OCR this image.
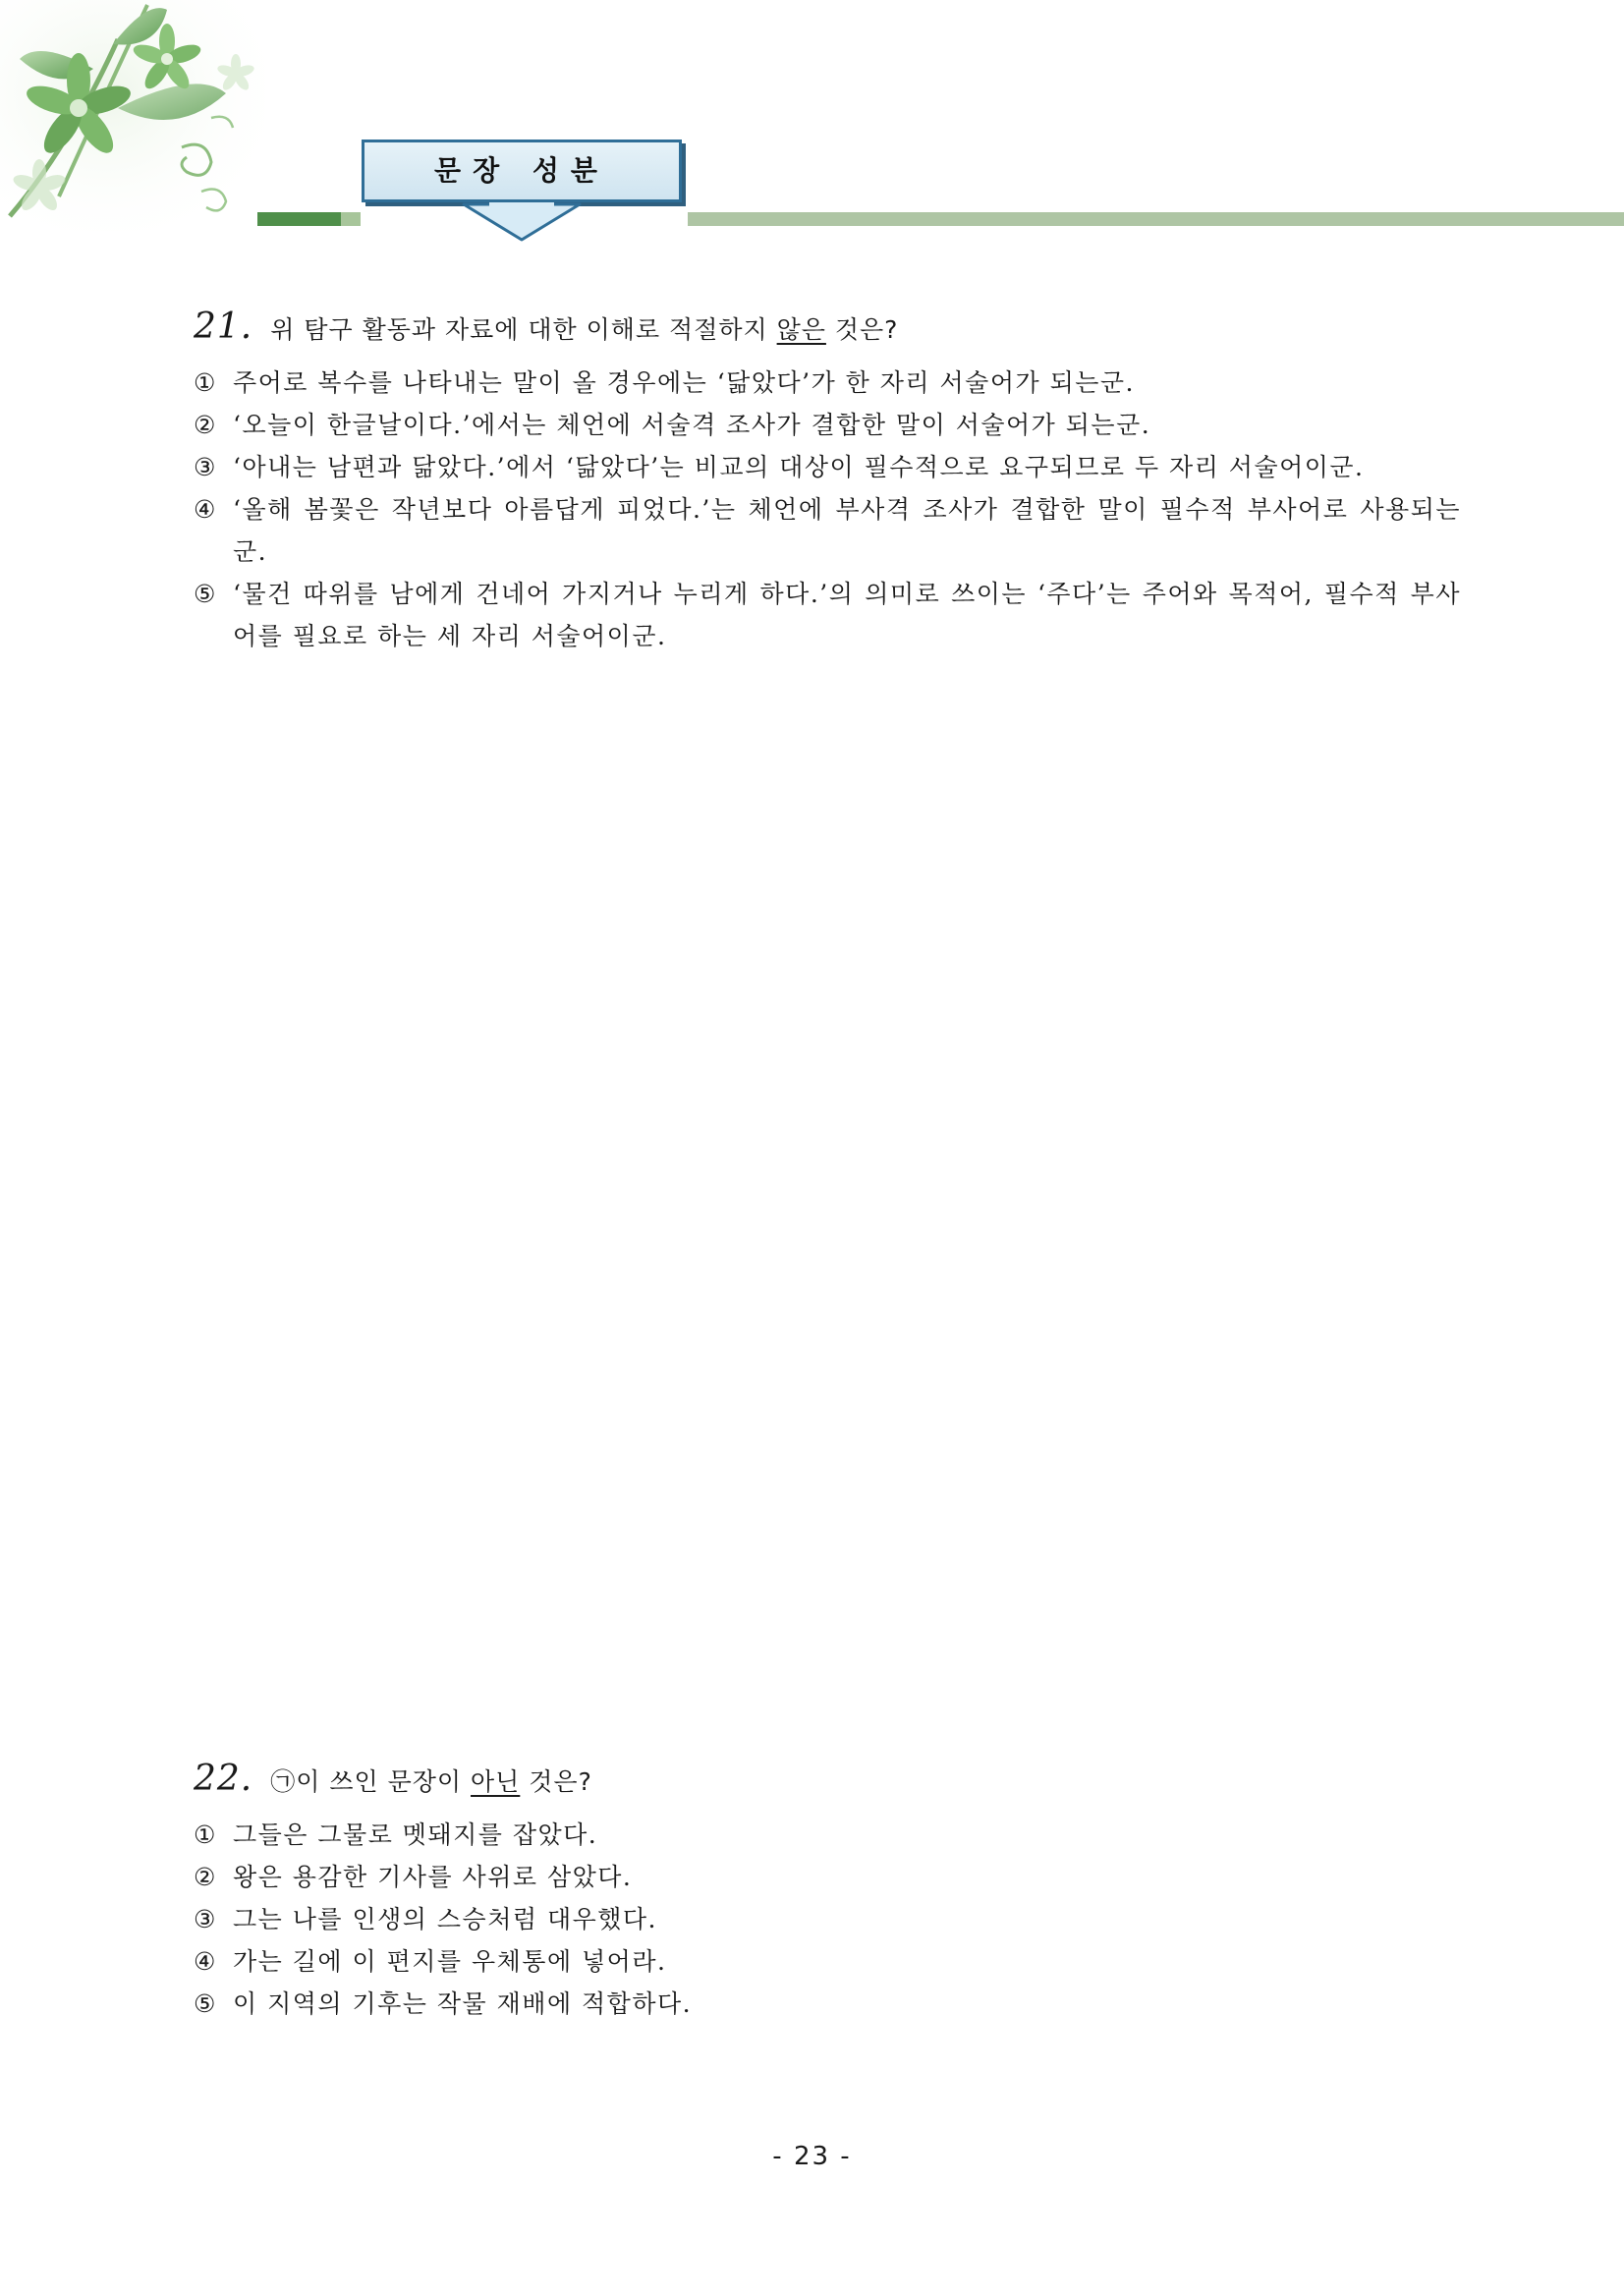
문장 성분
21. 위 탐구 활동과 자료에 대한 이해로 적절하지 않은 것은?
① 주어로 복수를 나타내는 말이 올 경우에는 ‘닮았다’가 한 자리 서술어가 되는군.
② ‘오늘이 한글날이다.’에서는 체언에 서술격 조사가 결합한 말이 서술어가 되는군.
③ ‘아내는 남편과 닮았다.’에서 ‘닮았다’는 비교의 대상이 필수적으로 요구되므로 두 자리 서술어이군.
④ ‘올해 봄꽃은 작년보다 아름답게 피었다.’는 체언에 부사격 조사가 결합한 말이 필수적 부사어로 사용되는군.
⑤ ‘물건 따위를 남에게 건네어 가지거나 누리게 하다.’의 의미로 쓰이는 ‘주다’는 주어와 목적어, 필수적 부사어를 필요로 하는 세 자리 서술어이군.
22. ㉠이 쓰인 문장이 아닌 것은?
① 그들은 그물로 멧돼지를 잡았다.
② 왕은 용감한 기사를 사위로 삼았다.
③ 그는 나를 인생의 스승처럼 대우했다.
④ 가는 길에 이 편지를 우체통에 넣어라.
⑤ 이 지역의 기후는 작물 재배에 적합하다.
- 23 -
